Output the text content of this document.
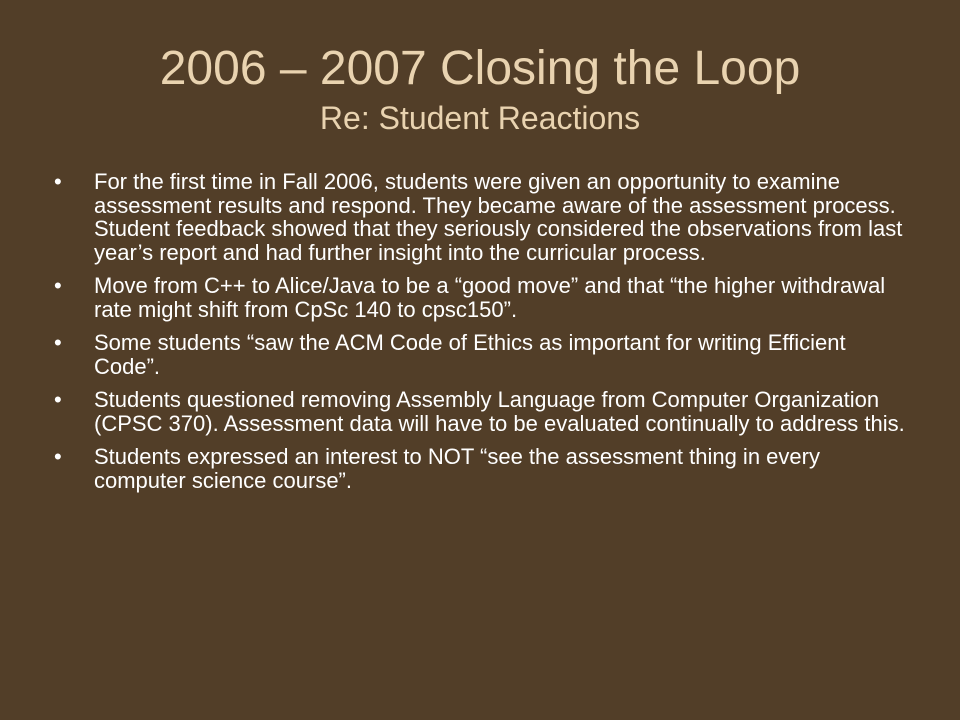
2006 – 2007 Closing the Loop
Re: Student Reactions
•	For the first time in Fall 2006, students were given an opportunity to examine assessment results and respond. They became aware of the assessment process. Student feedback showed that they seriously considered the observations from last year’s report and had further insight into the curricular process.
•	Move from C++ to Alice/Java to be a “good move” and that “the higher withdrawal rate might shift from CpSc 140 to cpsc150”.
•	Some students “saw the ACM Code of Ethics as important for writing Efficient Code”.
•	Students questioned removing Assembly Language from Computer Organization (CPSC 370). Assessment data will have to be evaluated continually to address this.
•	Students expressed an interest to NOT “see the assessment thing in every computer science course”.
